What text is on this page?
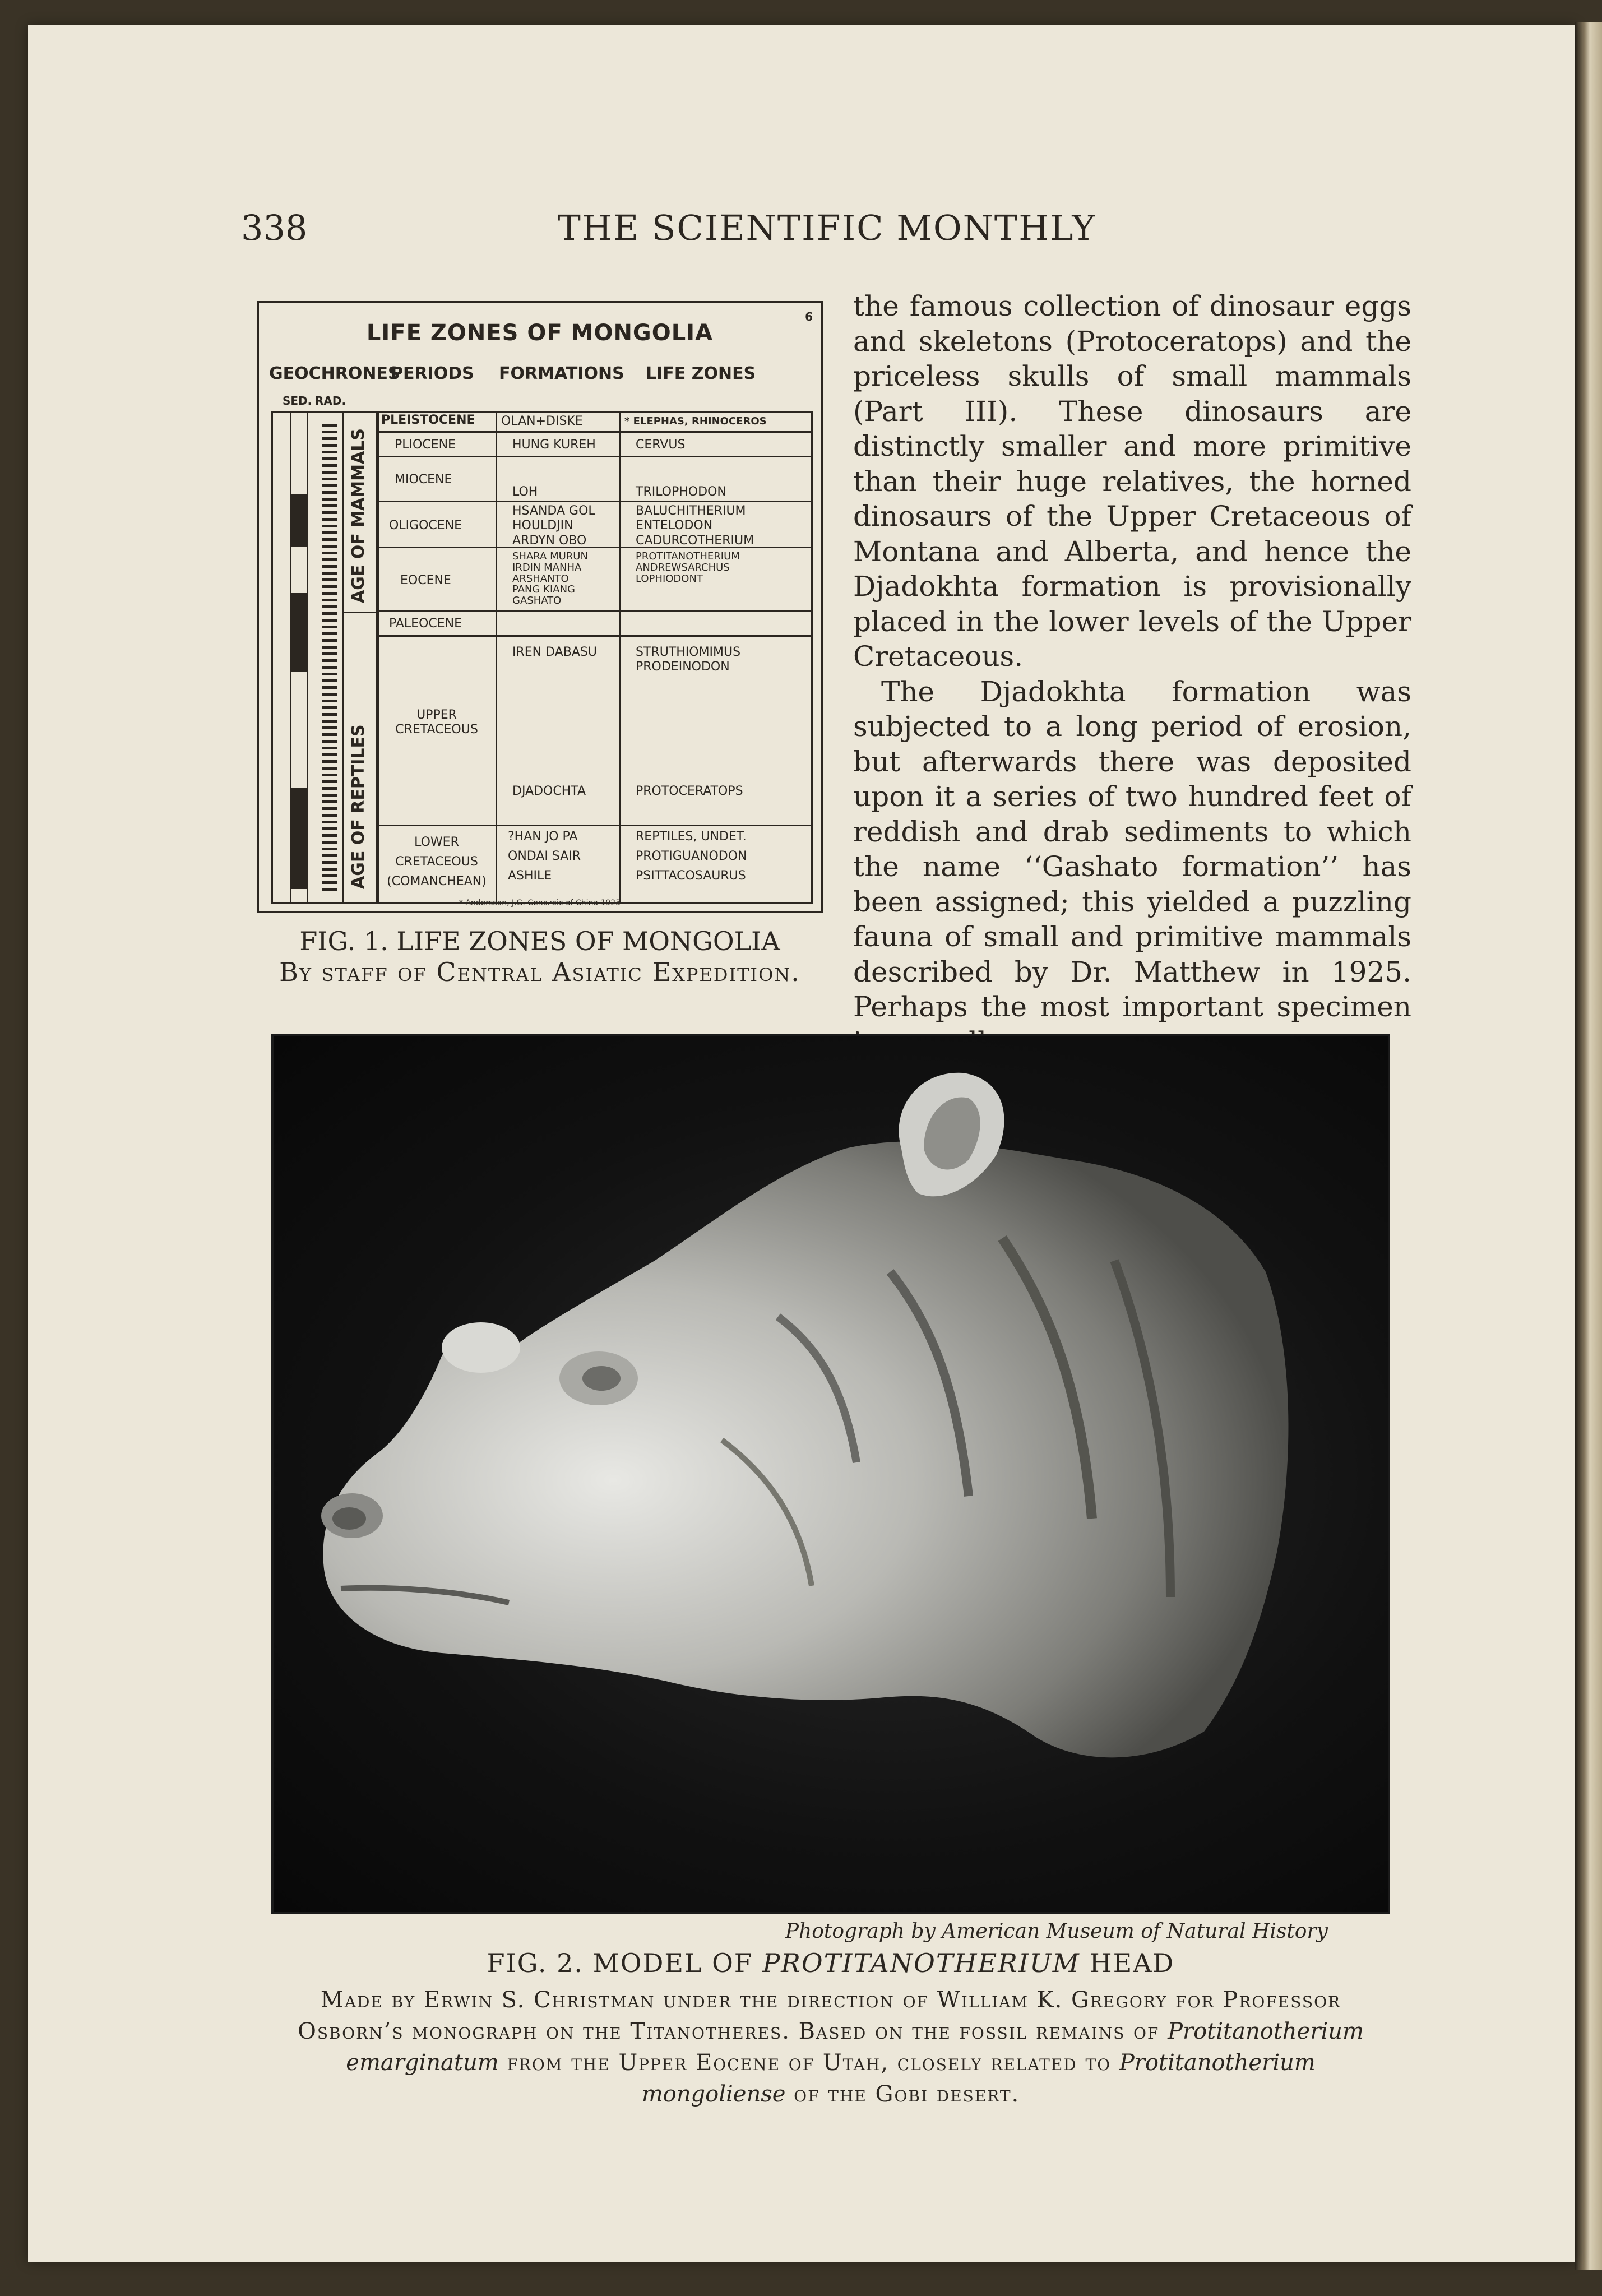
338	THE SCIENTIFIC MONTHLY
6
LIFE ZONES OF MONGOLIA
GEOCHRONES
PERIODS FORMATIONS LIFE ZONES
SED. RAD.
AGE OF MAMMALS
AGE OF REPTILES
PLEISTOCENE
PLIOCENE
MIOCENE
OLIGOCENE
EOCENE
PALEOCENE
UPPER
CRETACEOUS
LOWER
CRETACEOUS
(COMANCHEAN)
OLAN+DISKE
HUNG KUREH
LOH
HSANDA GOL
HOULDJIN
ARDYN OBO
SHARA MURUN
IRDIN MANHA
ARSHANTO
PANG KIANG
GASHATO
IREN DABASU
DJADOCHTA
?HAN JO PA
ONDAI SAIR
ASHILE
* ELEPHAS, RHINOCEROS
CERVUS
TRILOPHODON
BALUCHITHERIUM
ENTELODON
CADURCOTHERIUM
PROTITANOTHERIUM
ANDREWSARCHUS
LOPHIODONT
STRUTHIOMIMUS
PRODEINODON
PROTOCERATOPS
REPTILES, UNDET.
PROTIGUANODON
PSITTACOSAURUS
* Andersson, J.G. Cenozoic of China 1923
FIG. 1. LIFE ZONES OF MONGOLIA
By staff of Central Asiatic Expedition.

the famous collection of dinosaur eggs and skeletons (Protoceratops) and the priceless skulls of small mammals (Part III). These dinosaurs are distinctly smaller and more primitive than their huge relatives, the horned dinosaurs of the Upper Cretaceous of Montana and Alberta, and hence the Djadokhta formation is provisionally placed in the lower levels of the Upper Cretaceous.

The Djadokhta formation was subjected to a long period of erosion, but afterwards there was deposited upon it a series of two hundred feet of reddish and drab sediments to which the name ‘‘Gashato formation’’ has been assigned; this yielded a puzzling fauna of small and primitive mammals described by Dr. Matthew in 1925. Perhaps the most important specimen

Photograph by American Museum of Natural History
FIG. 2. MODEL OF PROTITANOTHERIUM HEAD
Made by Erwin S. Christman under the direction of William K. Gregory for Professor Osborn’s monograph on the Titanotheres. Based on the fossil remains of Protitanotherium emarginatum from the Upper Eocene of Utah, closely related to Protitanotherium mongoliense of the Gobi desert.
